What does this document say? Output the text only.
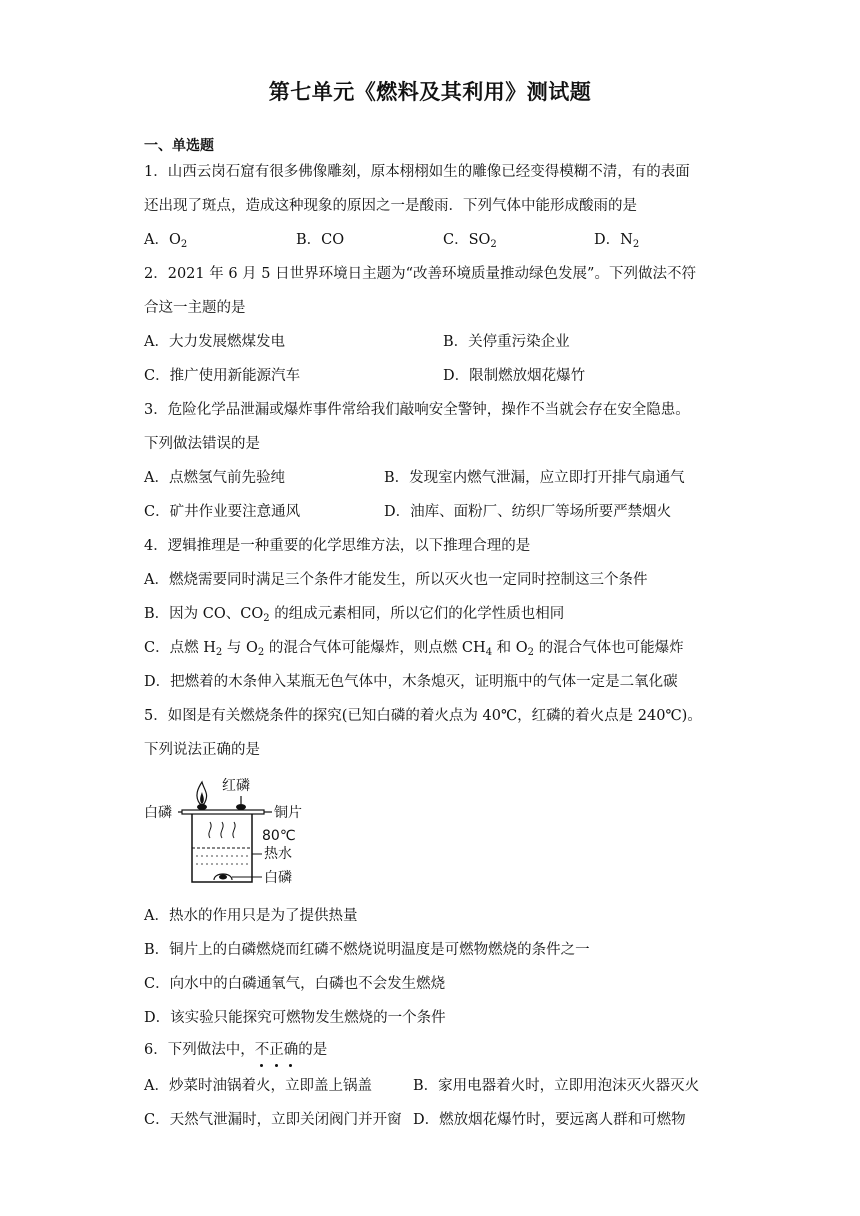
第七单元《燃料及其利用》测试题
一、单选题
1．山西云岗石窟有很多佛像雕刻，原本栩栩如生的雕像已经变得模糊不清，有的表面
还出现了斑点，造成这种现象的原因之一是酸雨．下列气体中能形成酸雨的是
A．$O_2$	B．CO	C．$SO_2$	D．$N_2$
2．2021 年 6 月 5 日世界环境日主题为“改善环境质量推动绿色发展”。下列做法不符
合这一主题的是
A．大力发展燃煤发电	B．关停重污染企业
C．推广使用新能源汽车	D．限制燃放烟花爆竹
3．危险化学品泄漏或爆炸事件常给我们敲响安全警钟，操作不当就会存在安全隐患。
下列做法错误的是
A．点燃氢气前先验纯	B．发现室内燃气泄漏，应立即打开排气扇通气
C．矿井作业要注意通风	D．油库、面粉厂、纺织厂等场所要严禁烟火
4．逻辑推理是一种重要的化学思维方法，以下推理合理的是
A．燃烧需要同时满足三个条件才能发生，所以灭火也一定同时控制这三个条件
B．因为 CO、$CO_2$ 的组成元素相同，所以它们的化学性质也相同
C．点燃 $H_2$ 与 $O_2$ 的混合气体可能爆炸，则点燃 $CH_4$ 和 $O_2$ 的混合气体也可能爆炸
D．把燃着的木条伸入某瓶无色气体中，木条熄灭，证明瓶中的气体一定是二氧化碳
5．如图是有关燃烧条件的探究(已知白磷的着火点为 40℃，红磷的着火点是 240℃)。
下列说法正确的是
红磷
白磷	铜片
80℃
热水
白磷
A．热水的作用只是为了提供热量
B．铜片上的白磷燃烧而红磷不燃烧说明温度是可燃物燃烧的条件之一
C．向水中的白磷通氧气，白磷也不会发生燃烧
D．该实验只能探究可燃物发生燃烧的一个条件
6．下列做法中，不正确的是
A．炒菜时油锅着火，立即盖上锅盖	B．家用电器着火时，立即用泡沫灭火器灭火
C．天然气泄漏时，立即关闭阀门并开窗 D．燃放烟花爆竹时，要远离人群和可燃物
